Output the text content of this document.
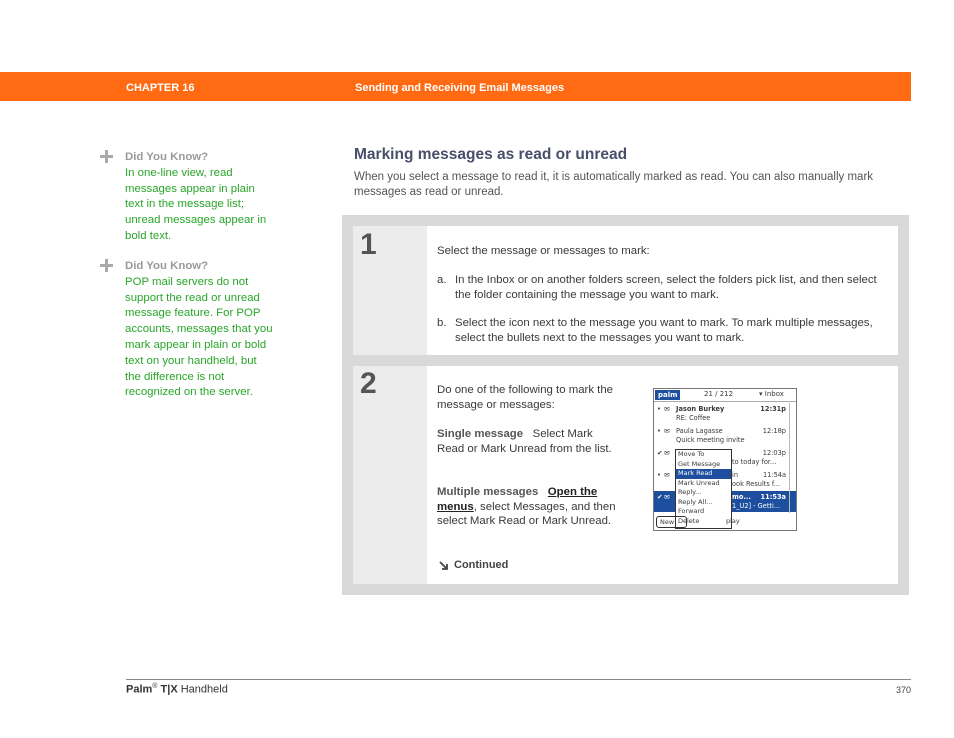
CHAPTER 16	Sending and Receiving Email Messages
Did You Know?
In one-line view, read messages appear in plain text in the message list; unread messages appear in bold text.
Did You Know?
POP mail servers do not support the read or unread message feature. For POP accounts, messages that you mark appear in plain or bold text on your handheld, but the difference is not recognized on the server.
Marking messages as read or unread
When you select a message to read it, it is automatically marked as read. You can also manually mark messages as read or unread.
1	Select the message or messages to mark:
a. In the Inbox or on another folders screen, select the folders pick list, and then select the folder containing the message you want to mark.
b. Select the icon next to the message you want to mark. To mark multiple messages, select the bullets next to the messages you want to mark.
2	Do one of the following to mark the message or messages:
Single message Select Mark Read or Mark Unread from the list.
Multiple messages Open the menus, select Messages, and then select Mark Read or Mark Unread.
Continued
palm	21 / 212	▾ Inbox
• ✉ Jason Burkey	12:31p
RE: Coffee
• ✉ Paula Lagasse	12:18p
Quick meeting invite
✔ ✉	12:03p
to today for...
• ✉	in	11:54a
ook Results f...
✔ ✉	mo... 11:53a
1_U2] - Getti...
Move To
Get Message
Mark Read
Mark Unread
Reply...
Reply All...
Forward
Delete
New	play
Palm® T|X Handheld	370
